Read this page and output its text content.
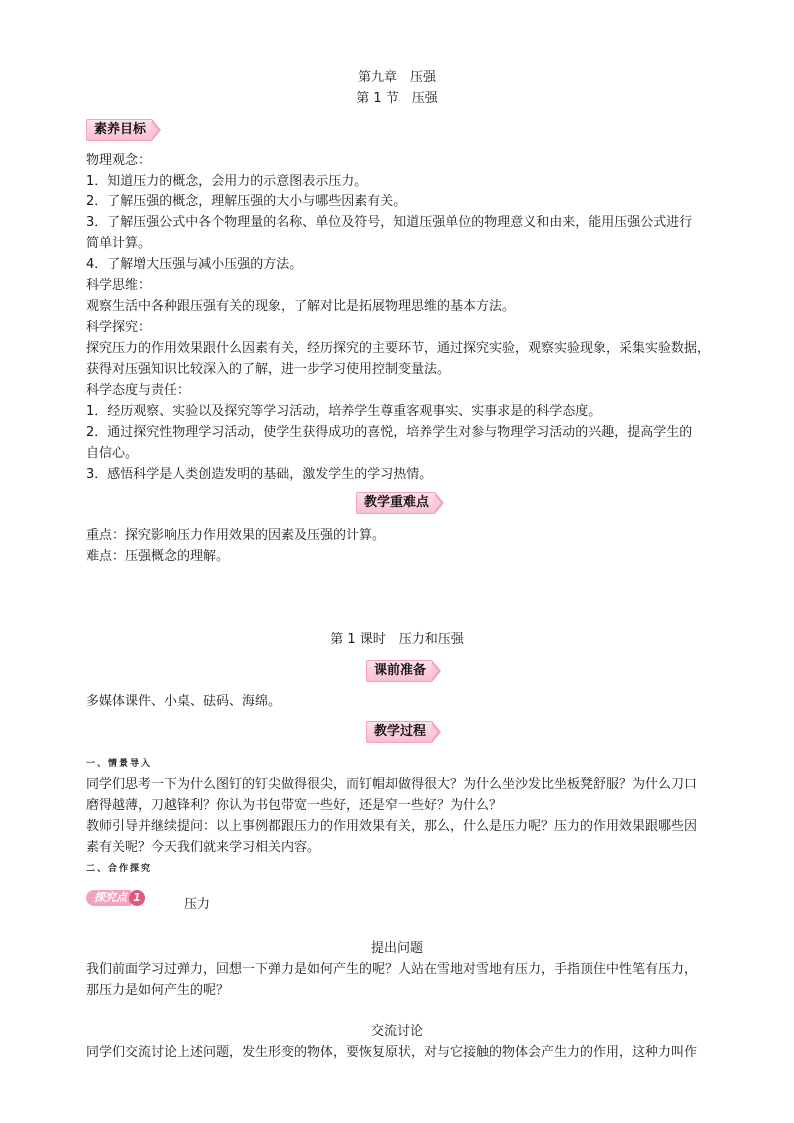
第九章　压强
第 1 节　压强
素养目标
物理观念：
1．知道压力的概念，会用力的示意图表示压力。
2．了解压强的概念，理解压强的大小与哪些因素有关。
3．了解压强公式中各个物理量的名称、单位及符号，知道压强单位的物理意义和由来，能用压强公式进行
简单计算。
4．了解增大压强与减小压强的方法。
科学思维：
观察生活中各种跟压强有关的现象，了解对比是拓展物理思维的基本方法。
科学探究：
探究压力的作用效果跟什么因素有关，经历探究的主要环节，通过探究实验，观察实验现象，采集实验数据，
获得对压强知识比较深入的了解，进一步学习使用控制变量法。
科学态度与责任：
1．经历观察、实验以及探究等学习活动，培养学生尊重客观事实、实事求是的科学态度。
2．通过探究性物理学习活动，使学生获得成功的喜悦，培养学生对参与物理学习活动的兴趣，提高学生的
自信心。
3．感悟科学是人类创造发明的基础，激发学生的学习热情。
教学重难点
重点：探究影响压力作用效果的因素及压强的计算。
难点：压强概念的理解。
第 1 课时　压力和压强
课前准备
多媒体课件、小桌、砝码、海绵。
教学过程
一、情景导入
同学们思考一下为什么图钉的钉尖做得很尖，而钉帽却做得很大？为什么坐沙发比坐板凳舒服？为什么刀口
磨得越薄，刀越锋利？你认为书包带宽一些好，还是窄一些好？为什么？
教师引导并继续提问：以上事例都跟压力的作用效果有关，那么，什么是压力呢？压力的作用效果跟哪些因
素有关呢？今天我们就来学习相关内容。
二、合作探究
探究点 1	压力
提出问题
我们前面学习过弹力，回想一下弹力是如何产生的呢？人站在雪地对雪地有压力，手指顶住中性笔有压力，
那压力是如何产生的呢？
交流讨论
同学们交流讨论上述问题，发生形变的物体，要恢复原状，对与它接触的物体会产生力的作用，这种力叫作
